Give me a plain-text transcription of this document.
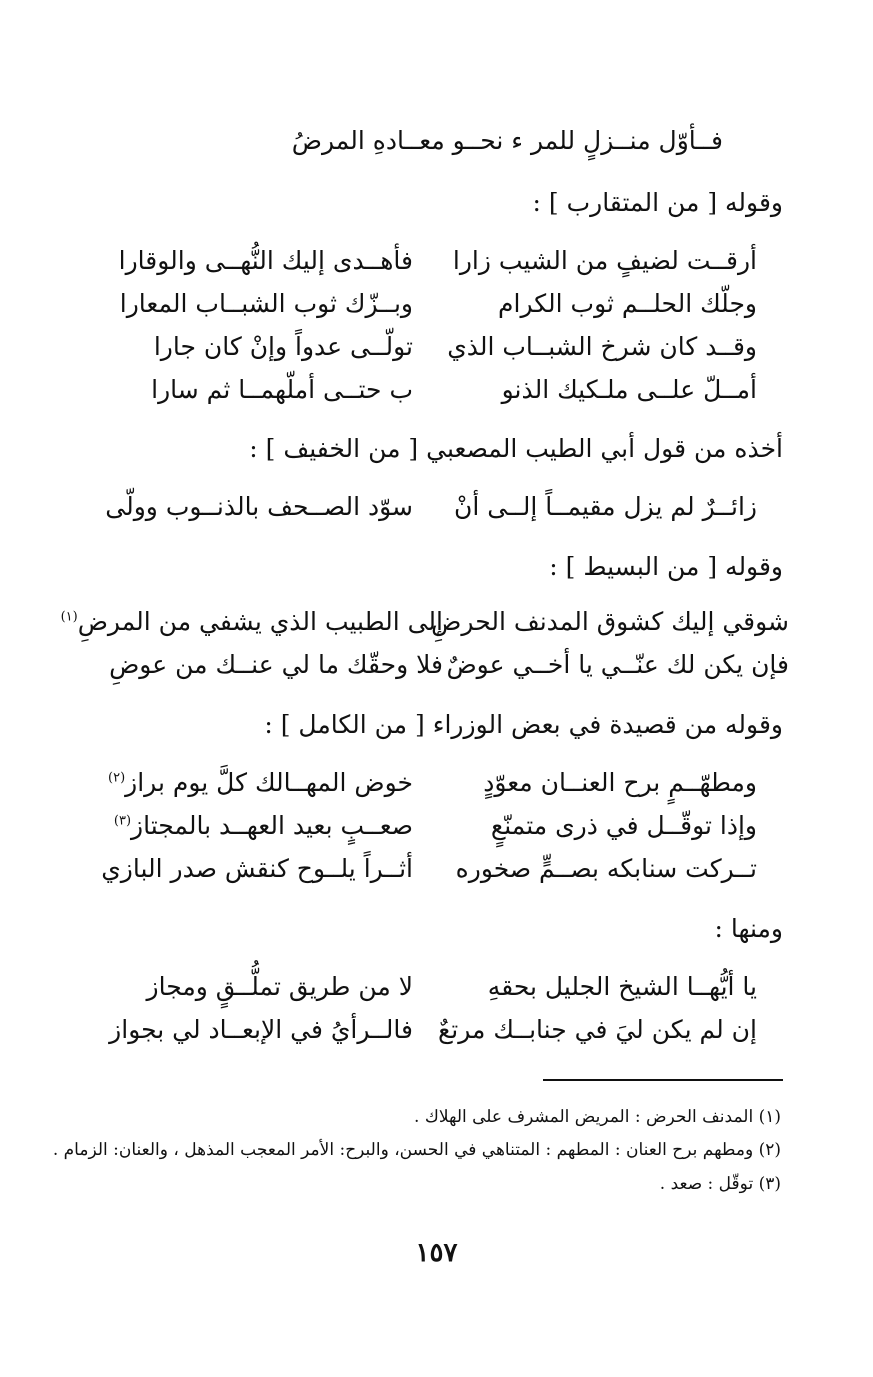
فــأوّل منــزلٍ للمر ء نحــو معــادهِ المرضُ
وقوله [ من المتقارب ] :
أرقــت لضيفٍ من الشيب زارا
فأهــدى إليك النُّهــى والوقارا
وجلّك الحلــم ثوب الكرام
وبــزّك ثوب الشبــاب المعارا
وقــد كان شرخ الشبــاب الذي
تولّــى عدواً وإنْ كان جارا
أمــلّ علــى ملـكيك الذنو
ب حتــى أملّهمــا ثم سارا
أخذه من قول أبي الطيب المصعبي [ من الخفيف ] :
زائــرٌ لم يزل مقيمــاً إلــى أنْ
سوّد الصــحف بالذنــوب وولّى
وقوله [ من البسيط ] :
شوقي إليك كشوق المدنف الحرضِ
إلى الطبيب الذي يشفي من المرضِ$^{(١)}$
فإن يكن لك عنّــي يا أخــي عوضٌ
فلا وحقّك ما لي عنــك من عوضِ
وقوله من قصيدة في بعض الوزراء [ من الكامل ] :
ومطهّــمٍ برح العنــان معوّدٍ
خوض المهــالك كلَّ يوم براز$^{(٢)}$
وإذا توقّــل في ذرى متمنّعٍ
صعــبٍ بعيد العهــد بالمجتاز$^{(٣)}$
تــركت سنابكه بصــمٍّ صخوره
أثــراً يلــوح كنقش صدر البازي
ومنها :
يا أيُّهــا الشيخ الجليل بحقهِ
لا من طريق تملُّــقٍ ومجاز
إن لم يكن ليَ في جنابــك مرتعٌ
فالــرأيُ في الإبعــاد لي بجواز
(١) المدنف الحرض : المريض المشرف على الهلاك .
(٢) ومطهم برح العنان : المطهم : المتناهي في الحسن، والبرح: الأمر المعجب المذهل ، والعنان: الزمام .
(٣) توقّل : صعد .
١٥٧
